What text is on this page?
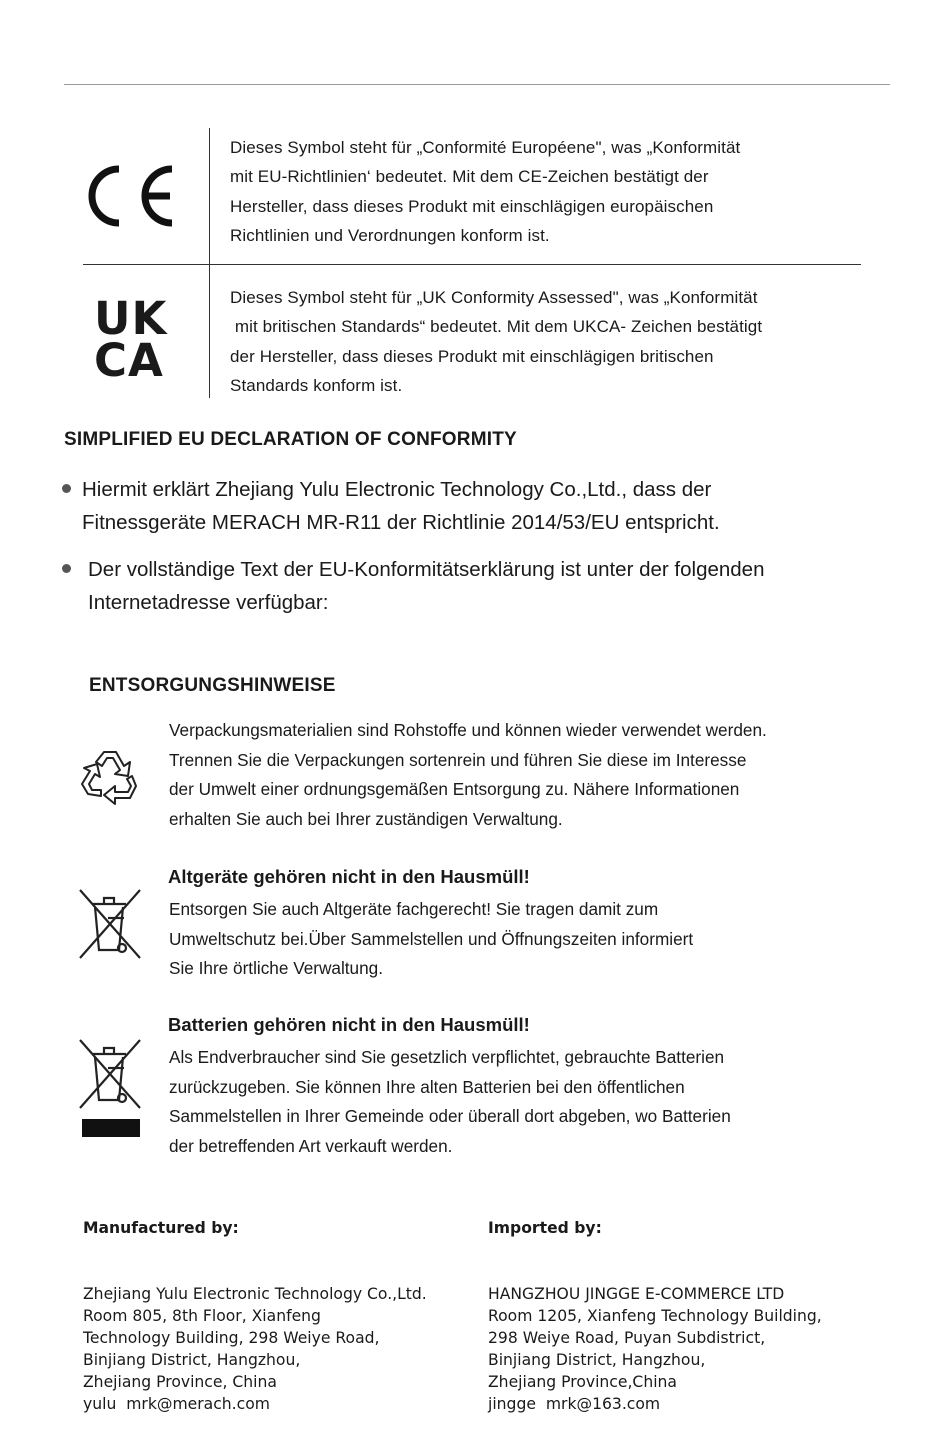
Dieses Symbol steht für „Conformité Européene", was „Konformität
mit EU-Richtlinien‘ bedeutet. Mit dem CE-Zeichen bestätigt der
Hersteller, dass dieses Produkt mit einschlägigen europäischen
Richtlinien und Verordnungen konform ist.
UK
CA
Dieses Symbol steht für „UK Conformity Assessed", was „Konformität
mit britischen Standards“ bedeutet. Mit dem UKCA- Zeichen bestätigt
der Hersteller, dass dieses Produkt mit einschlägigen britischen
Standards konform ist.
SIMPLIFIED EU DECLARATION OF CONFORMITY
Hiermit erklärt Zhejiang Yulu Electronic Technology Co.,Ltd., dass der
Fitnessgeräte MERACH MR-R11 der Richtlinie 2014/53/EU entspricht.
Der vollständige Text der EU-Konformitätserklärung ist unter der folgenden
Internetadresse verfügbar:
ENTSORGUNGSHINWEISE
Verpackungsmaterialien sind Rohstoffe und können wieder verwendet werden.
Trennen Sie die Verpackungen sortenrein und führen Sie diese im Interesse
der Umwelt einer ordnungsgemäßen Entsorgung zu. Nähere Informationen
erhalten Sie auch bei Ihrer zuständigen Verwaltung.
Altgeräte gehören nicht in den Hausmüll!
Entsorgen Sie auch Altgeräte fachgerecht! Sie tragen damit zum
Umweltschutz bei.Über Sammelstellen und Öffnungszeiten informiert
Sie Ihre örtliche Verwaltung.
Batterien gehören nicht in den Hausmüll!
Als Endverbraucher sind Sie gesetzlich verpflichtet, gebrauchte Batterien
zurückzugeben. Sie können Ihre alten Batterien bei den öffentlichen
Sammelstellen in Ihrer Gemeinde oder überall dort abgeben, wo Batterien
der betreffenden Art verkauft werden.

Manufactured by:

Zhejiang Yulu Electronic Technology Co.,Ltd.
Room 805, 8th Floor, Xianfeng
Technology Building, 298 Weiye Road,
Binjiang District, Hangzhou,
Zhejiang Province, China
yulu  mrk@merach.com

Imported by:

HANGZHOU JINGGE E-COMMERCE LTD
Room 1205, Xianfeng Technology Building,
298 Weiye Road, Puyan Subdistrict,
Binjiang District, Hangzhou,
Zhejiang Province,China
jingge  mrk@163.com
